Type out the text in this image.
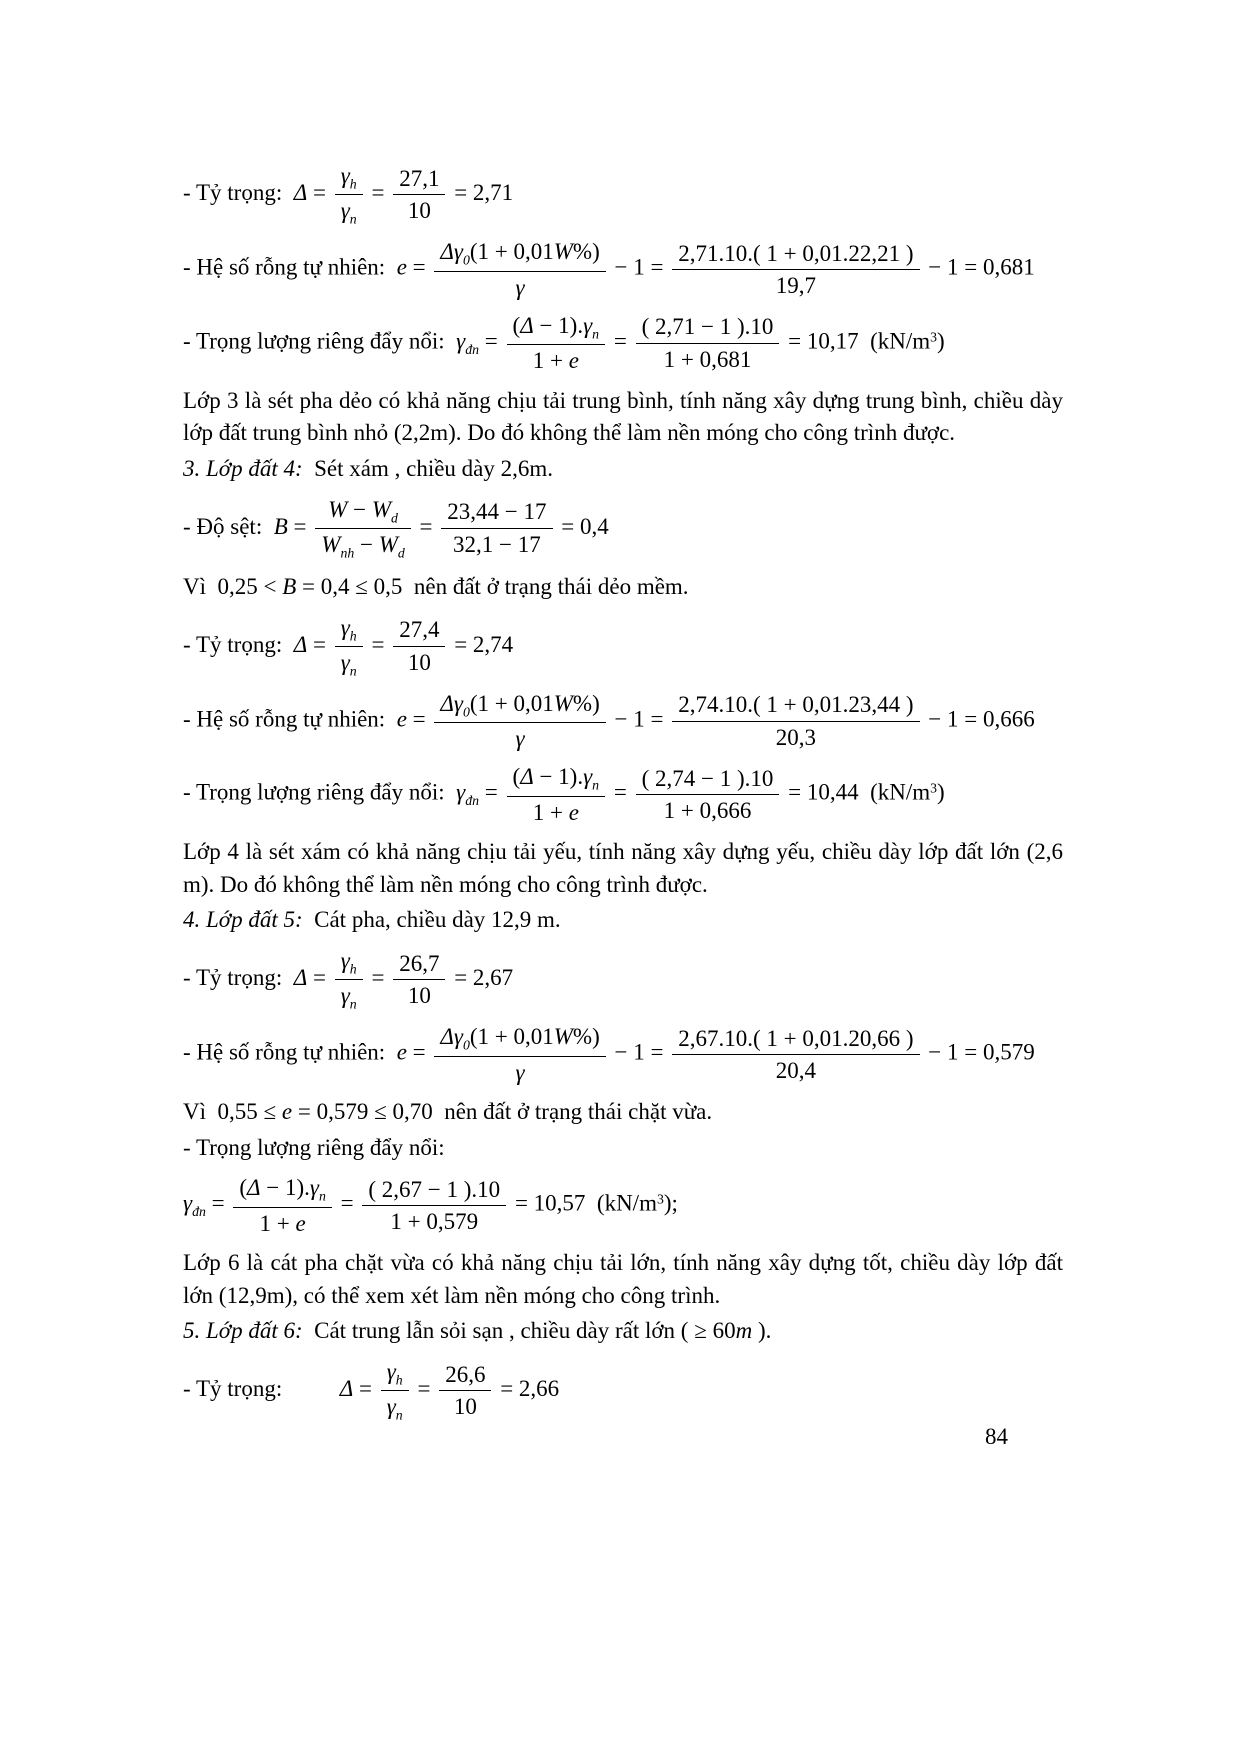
- Tỷ trọng:  $\Delta = \frac{\gamma_h}{\gamma_n} = \frac{27,1}{10} = 2,71$
- Hệ số rỗng tự nhiên:  $e = \frac{\Delta\gamma_0(1 + 0,01W\%)}{\gamma} - 1 = \frac{2,71.10.( 1 + 0,01.22,21 )}{19,7} - 1 = 0,681$
- Trọng lượng riêng đẩy nổi:  $\gamma_{đn} = \frac{(\Delta - 1).\gamma_n}{1 + e} = \frac{( 2,71 - 1 ).10}{1 + 0,681} = 10,17$  $(kN/m^3)$
Lớp 3 là sét pha dẻo có khả năng chịu tải trung bình, tính năng xây dựng trung bình, chiều dày lớp đất trung bình nhỏ (2,2m). Do đó không thể làm nền móng cho công trình được.
3. Lớp đất 4:  Sét xám , chiều dày 2,6m.
- Độ sệt:  $B = \frac{W - W_d}{W_{nh} - W_d} = \frac{23,44 - 17}{32,1 - 17} = 0,4$
Vì  0,25 < B = 0,4 ≤ 0,5  nên đất ở trạng thái dẻo mềm.
- Tỷ trọng:  $\Delta = \frac{\gamma_h}{\gamma_n} = \frac{27,4}{10} = 2,74$
- Hệ số rỗng tự nhiên:  $e = \frac{\Delta\gamma_0(1 + 0,01W\%)}{\gamma} - 1 = \frac{2,74.10.( 1 + 0,01.23,44 )}{20,3} - 1 = 0,666$
- Trọng lượng riêng đẩy nổi:  $\gamma_{đn} = \frac{(\Delta - 1).\gamma_n}{1 + e} = \frac{( 2,74 - 1 ).10}{1 + 0,666} = 10,44$  $(kN/m^3)$
Lớp 4 là sét xám có khả năng chịu tải yếu, tính năng xây dựng yếu, chiều dày lớp đất lớn (2,6 m). Do đó không thể làm nền móng cho công trình được.
4. Lớp đất 5:  Cát pha, chiều dày 12,9 m.
- Tỷ trọng:  $\Delta = \frac{\gamma_h}{\gamma_n} = \frac{26,7}{10} = 2,67$
- Hệ số rỗng tự nhiên:  $e = \frac{\Delta\gamma_0(1 + 0,01W\%)}{\gamma} - 1 = \frac{2,67.10.( 1 + 0,01.20,66 )}{20,4} - 1 = 0,579$
Vì  0,55 ≤ e = 0,579 ≤ 0,70  nên đất ở trạng thái chặt vừa.
- Trọng lượng riêng đẩy nổi:
$\gamma_{đn} = \frac{(\Delta - 1).\gamma_n}{1 + e} = \frac{( 2,67 - 1 ).10}{1 + 0,579} = 10,57$  $(kN/m^3)$;
Lớp 6 là cát pha chặt vừa có khả năng chịu tải lớn, tính năng xây dựng tốt, chiều dày lớp đất lớn (12,9m), có thể xem xét làm nền móng cho công trình.
5. Lớp đất 6:  Cát trung lẫn sỏi sạn , chiều dày rất lớn ( ≥ 60m ).
- Tỷ trọng:          $\Delta = \frac{\gamma_h}{\gamma_n} = \frac{26,6}{10} = 2,66$
84
